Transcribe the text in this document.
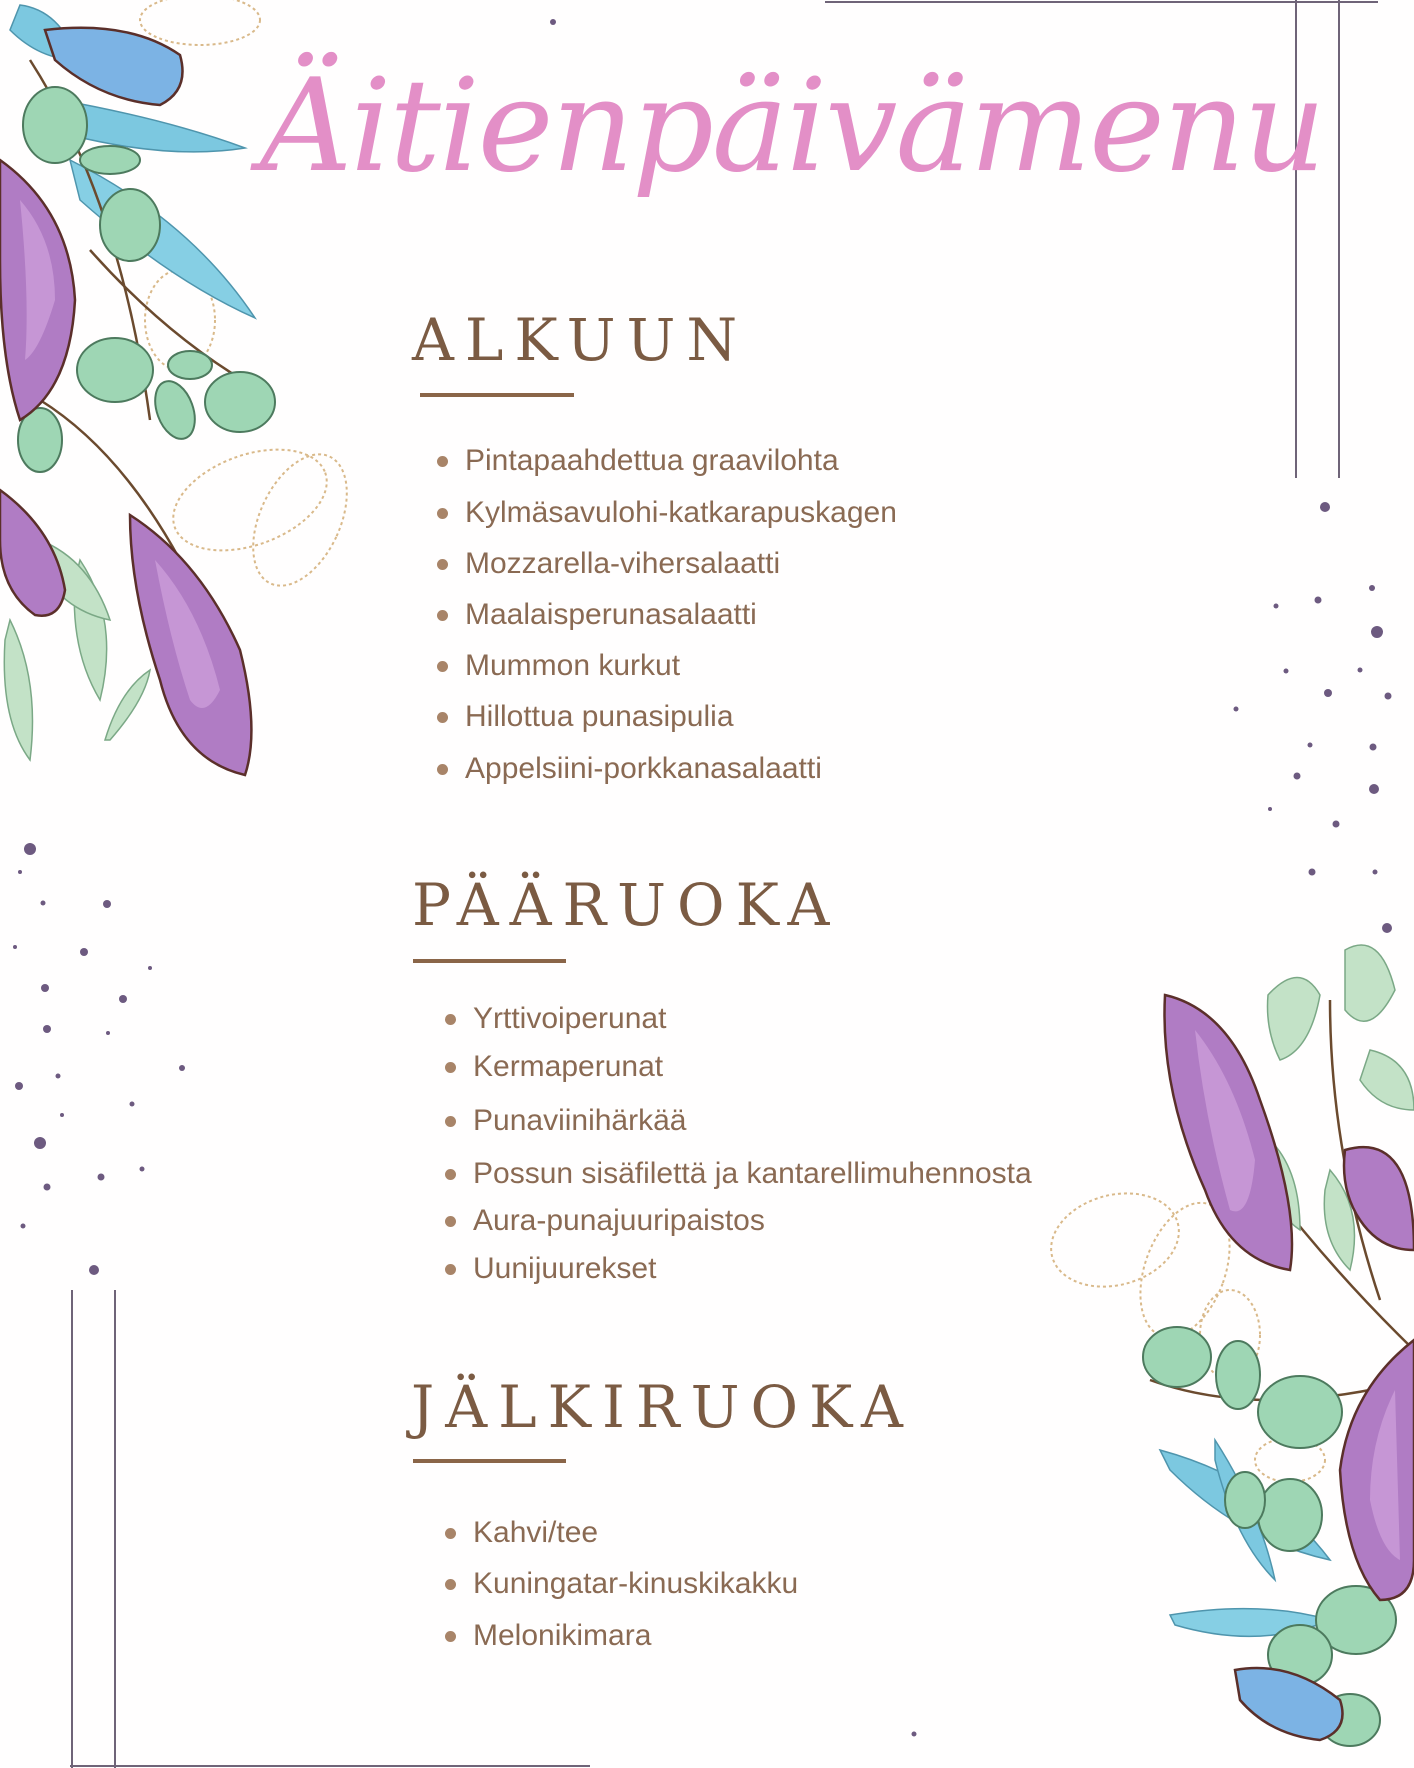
Äitienpäivämenu
ALKUUN
Pintapaahdettua graavilohta
Kylmäsavulohi-katkarapuskagen
Mozzarella-vihersalaatti
Maalaisperunasalaatti
Mummon kurkut
Hillottua punasipulia
Appelsiini-porkkanasalaatti
PÄÄRUOKA
Yrttivoiperunat
Kermaperunat
Punaviinihärkää
Possun sisäfilettä ja kantarellimuhennosta
Aura-punajuuripaistos
Uunijuurekset
JÄLKIRUOKA
Kahvi/tee
Kuningatar-kinuskikakku
Melonikimara
